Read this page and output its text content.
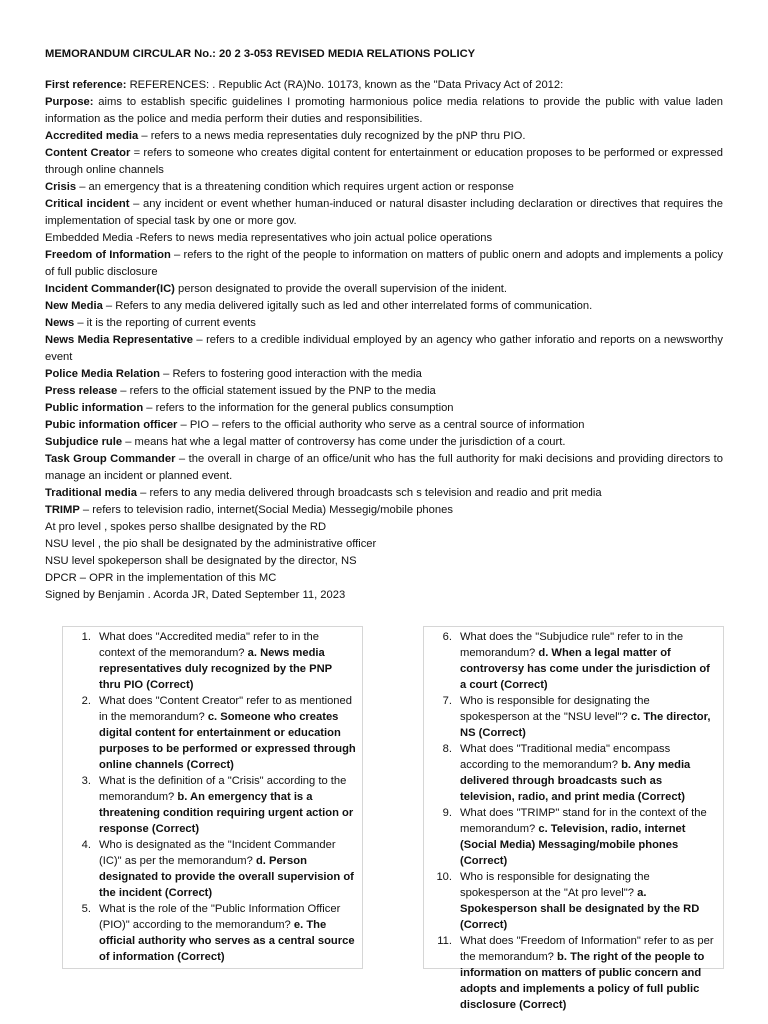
MEMORANDUM CIRCULAR No.: 20 2 3-053 REVISED MEDIA RELATIONS POLICY
First reference: REFERENCES: . Republic Act (RA)No. 10173, known as the "Data Privacy Act of 2012:
Purpose: aims to establish specific guidelines I promoting harmonious police media relations to provide the public with value laden information as the police and media perform their duties and responsibilities.
Accredited media – refers to a news media representaties duly recognized by the pNP thru PIO.
Content Creator = refers to someone who creates digital content for entertainment or education proposes to be performed or expressed through online channels
Crisis – an emergency that is a threatening condition which requires urgent action or response
Critical incident – any incident or event whether human-induced or natural disaster including declaration or directives that requires the implementation of special task by one or more gov.
Embedded Media -Refers to news media representatives who join actual police operations
Freedom of Information – refers to the right of the people to information on matters of public onern and adopts and implements a policy of full public disclosure
Incident Commander(IC) person designated to provide the overall supervision of the inident.
New Media – Refers to any media delivered igitally such as led and other interrelated forms of communication.
News – it is the reporting of current events
News Media Representative – refers to a credible individual employed by an agency who gather inforatio and reports on a newsworthy event
Police Media Relation – Refers to fostering good interaction with the media
Press release – refers to the official statement issued by the PNP to the media
Public information – refers to the information for the general publics consumption
Pubic information officer – PIO – refers to the official authority who serve as a central source of information
Subjudice rule – means hat whe a legal matter of controversy has come under the jurisdiction of a court.
Task Group Commander – the overall in charge of an office/unit who has the full authority for maki decisions and providing directors to manage an incident or planned event.
Traditional media – refers to any media delivered through broadcasts sch s television and readio and prit media
TRIMP – refers to television radio, internet(Social Media) Messegig/mobile phones
At pro level , spokes perso shallbe designated by the RD
NSU level , the pio shall be designated by the administrative officer
NSU level spokeperson shall be designated by the director, NS
DPCR – OPR in the implementation of this MC
Signed by Benjamin . Acorda JR, Dated September 11, 2023
1. What does "Accredited media" refer to in the context of the memorandum? a. News media representatives duly recognized by the PNP thru PIO (Correct)
2. What does "Content Creator" refer to as mentioned in the memorandum? c. Someone who creates digital content for entertainment or education purposes to be performed or expressed through online channels (Correct)
3. What is the definition of a "Crisis" according to the memorandum? b. An emergency that is a threatening condition requiring urgent action or response (Correct)
4. Who is designated as the "Incident Commander (IC)" as per the memorandum? d. Person designated to provide the overall supervision of the incident (Correct)
5. What is the role of the "Public Information Officer (PIO)" according to the memorandum? e. The official authority who serves as a central source of information (Correct)
6. What does the "Subjudice rule" refer to in the memorandum? d. When a legal matter of controversy has come under the jurisdiction of a court (Correct)
7. Who is responsible for designating the spokesperson at the "NSU level"? c. The director, NS (Correct)
8. What does "Traditional media" encompass according to the memorandum? b. Any media delivered through broadcasts such as television, radio, and print media (Correct)
9. What does "TRIMP" stand for in the context of the memorandum? c. Television, radio, internet (Social Media) Messaging/mobile phones (Correct)
10. Who is responsible for designating the spokesperson at the "At pro level"? a. Spokesperson shall be designated by the RD (Correct)
11. What does "Freedom of Information" refer to as per the memorandum? b. The right of the people to information on matters of public concern and adopts and implements a policy of full public disclosure (Correct)
